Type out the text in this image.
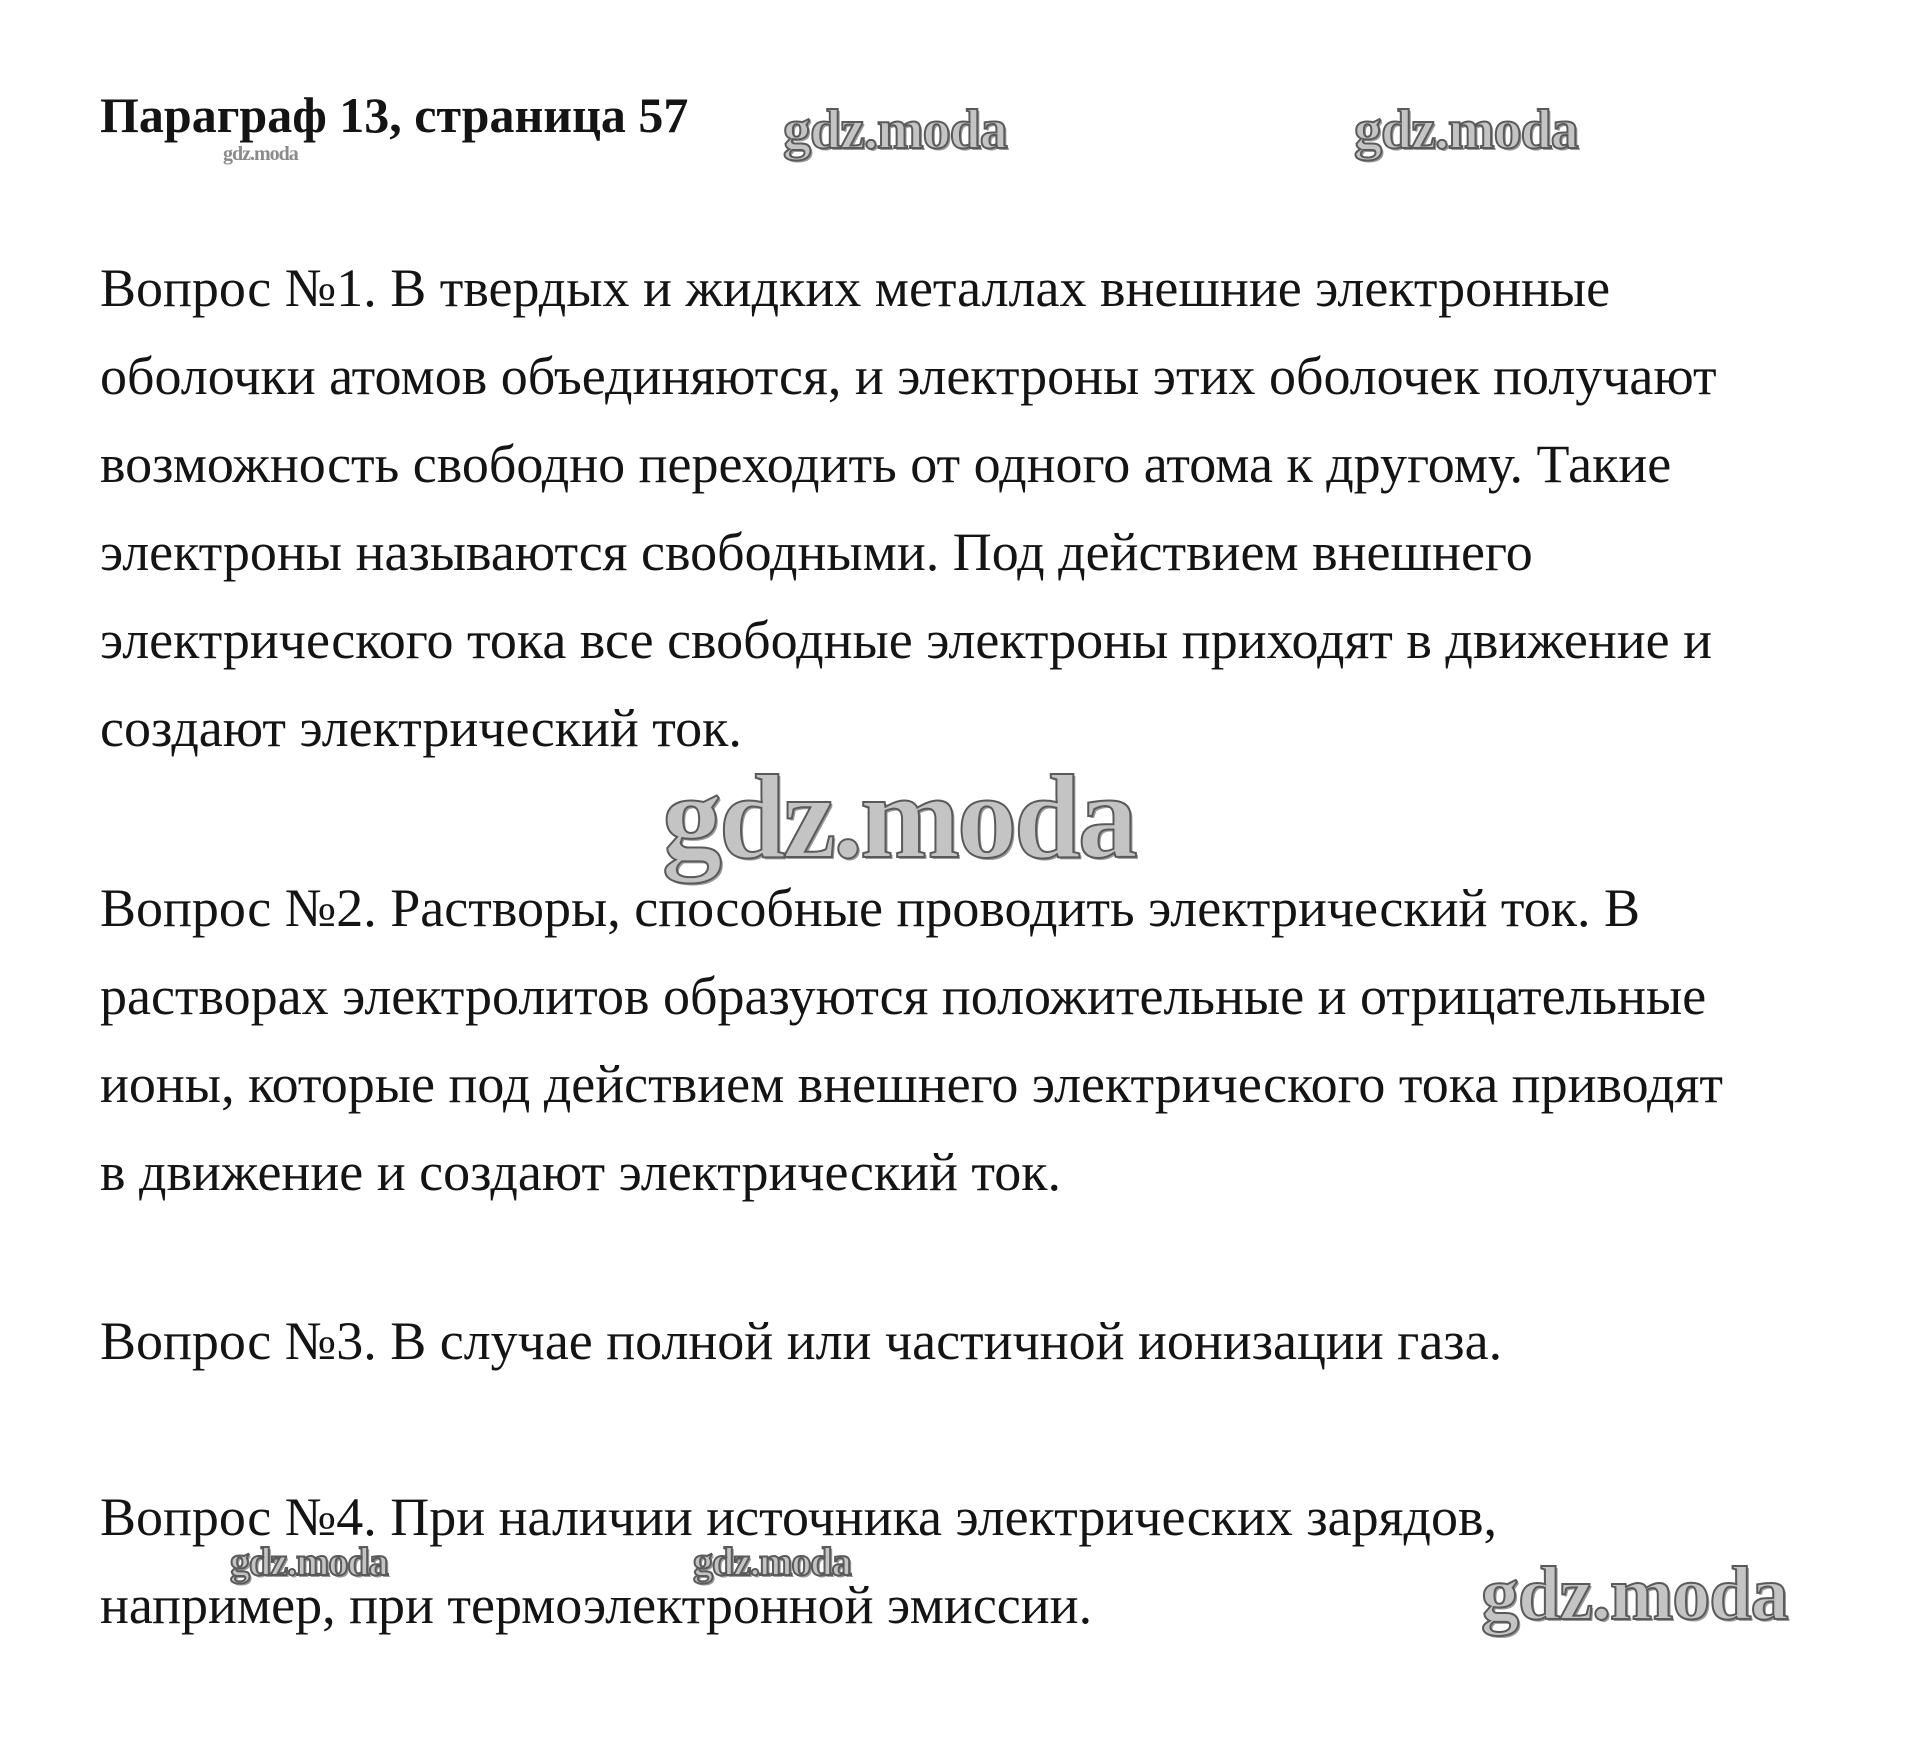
Параграф 13, страница 57

Вопрос №1. В твердых и жидких металлах внешние электронные
оболочки атомов объединяются, и электроны этих оболочек получают
возможность свободно переходить от одного атома к другому. Такие
электроны называются свободными. Под действием внешнего
электрического тока все свободные электроны приходят в движение и
создают электрический ток.

Вопрос №2. Растворы, способные проводить электрический ток. В
растворах электролитов образуются положительные и отрицательные
ионы, которые под действием внешнего электрического тока приводят
в движение и создают электрический ток.

Вопрос №3. В случае полной или частичной ионизации газа.

Вопрос №4. При наличии источника электрических зарядов,
например, при термоэлектронной эмиссии.

gdz.moda	gdz.moda	gdz.moda
gdz.moda
gdz.moda	gdz.moda	gdz.moda
